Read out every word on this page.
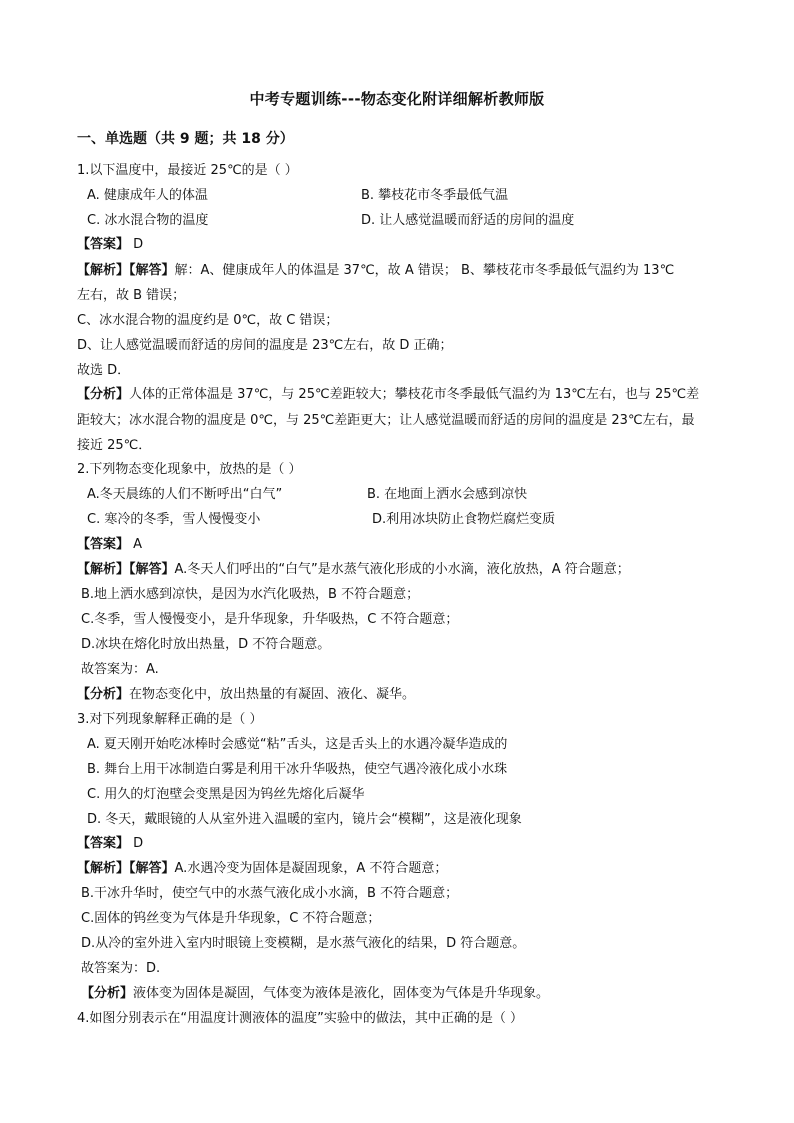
中考专题训练---物态变化附详细解析教师版
一、单选题（共 9 题；共 18 分）
1.以下温度中，最接近 25℃的是（ ）
A. 健康成年人的体温	B. 攀枝花市冬季最低气温
C. 冰水混合物的温度	D. 让人感觉温暖而舒适的房间的温度
【答案】 D
【解析】【解答】解：A、健康成年人的体温是 37℃，故 A 错误； B、攀枝花市冬季最低气温约为 13℃
左右，故 B 错误；
C、冰水混合物的温度约是 0℃，故 C 错误；
D、让人感觉温暖而舒适的房间的温度是 23℃左右，故 D 正确；
故选 D．
【分析】人体的正常体温是 37℃，与 25℃差距较大；攀枝花市冬季最低气温约为 13℃左右，也与 25℃差
距较大；冰水混合物的温度是 0℃，与 25℃差距更大；让人感觉温暖而舒适的房间的温度是 23℃左右，最
接近 25℃．
2.下列物态变化现象中，放热的是（ ）
A.冬天晨练的人们不断呼出“白气”	B. 在地面上洒水会感到凉快
C. 寒冷的冬季，雪人慢慢变小	D.利用冰块防止食物烂腐烂变质
【答案】 A
【解析】【解答】A.冬天人们呼出的“白气”是水蒸气液化形成的小水滴，液化放热，A 符合题意；
B.地上洒水感到凉快，是因为水汽化吸热，B 不符合题意；
C.冬季，雪人慢慢变小，是升华现象，升华吸热，C 不符合题意；
D.冰块在熔化时放出热量，D 不符合题意。
故答案为：A.
【分析】在物态变化中，放出热量的有凝固、液化、凝华。
3.对下列现象解释正确的是（ ）
A. 夏天刚开始吃冰棒时会感觉“粘”舌头，这是舌头上的水遇冷凝华造成的
B. 舞台上用干冰制造白雾是利用干冰升华吸热，使空气遇冷液化成小水珠
C. 用久的灯泡壁会变黑是因为钨丝先熔化后凝华
D. 冬天，戴眼镜的人从室外进入温暖的室内，镜片会“模糊”，这是液化现象
【答案】 D
【解析】【解答】A.水遇冷变为固体是凝固现象，A 不符合题意；
B.干冰升华时，使空气中的水蒸气液化成小水滴，B 不符合题意；
C.固体的钨丝变为气体是升华现象，C 不符合题意；
D.从冷的室外进入室内时眼镜上变模糊，是水蒸气液化的结果，D 符合题意。
故答案为：D.
【分析】液体变为固体是凝固，气体变为液体是液化，固体变为气体是升华现象。
4.如图分别表示在“用温度计测液体的温度”实验中的做法，其中正确的是（ ）
